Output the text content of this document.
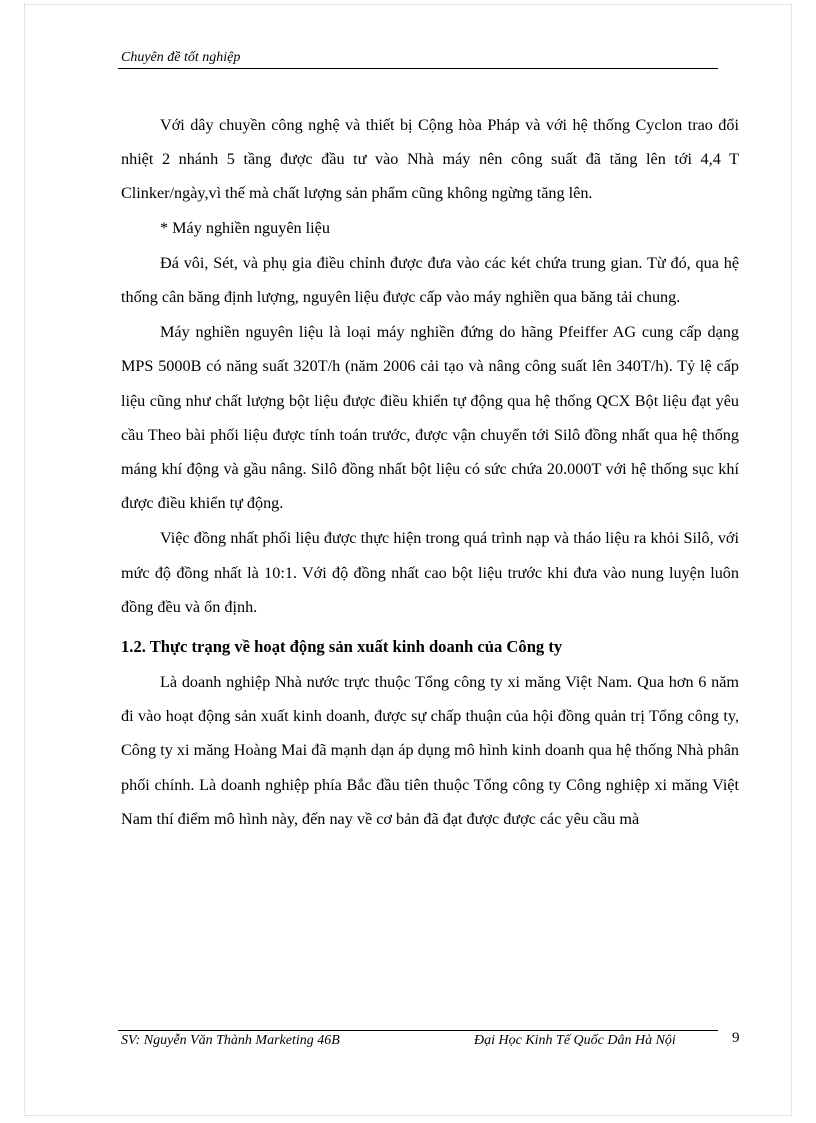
Chuyên đề tốt nghiệp

Với dây chuyền công nghệ và thiết bị Cộng hòa Pháp và với hệ thống Cyclon trao đổi nhiệt 2 nhánh 5 tầng được đầu tư vào Nhà máy nên công suất đã tăng lên tới 4,4 T Clinker/ngày,vì thế mà chất lượng sản phẩm cũng không ngừng tăng lên.

* Máy nghiền nguyên liệu

Đá vôi, Sét, và phụ gia điều chỉnh được đưa vào các két chứa trung gian. Từ đó, qua hệ thống cân băng định lượng, nguyên liệu được cấp vào máy nghiền qua băng tải chung.

Máy nghiền nguyên liệu là loại máy nghiền đứng do hãng Pfeiffer AG cung cấp dạng MPS 5000B có năng suất 320T/h (năm 2006 cải tạo và nâng công suất lên 340T/h). Tỷ lệ cấp liệu cũng như chất lượng bột liệu được điều khiển tự động qua hệ thống QCX Bột liệu đạt yêu cầu Theo bài phối liệu được tính toán trước, được vận chuyển tới Silô đồng nhất qua hệ thống máng khí động và gầu nâng. Silô đồng nhất bột liệu có sức chứa 20.000T với hệ thống sục khí được điều khiển tự động.

Việc đồng nhất phối liệu được thực hiện trong quá trình nạp và tháo liệu ra khỏi Silô, với mức độ đồng nhất là 10:1. Với độ đồng nhất cao bột liệu trước khi đưa vào nung luyện luôn đồng đều và ổn định.

1.2. Thực trạng về hoạt động sản xuất kinh doanh của Công ty

Là doanh nghiệp Nhà nước trực thuộc Tổng công ty xi măng Việt Nam. Qua hơn 6 năm đi vào hoạt động sản xuất kinh doanh, được sự chấp thuận của hội đồng quản trị Tổng công ty, Công ty xi măng Hoàng Mai đã mạnh dạn áp dụng mô hình kinh doanh qua hệ thống Nhà phân phối chính. Là doanh nghiệp phía Bắc đầu tiên thuộc Tổng công ty Công nghiệp xi măng Việt Nam thí điểm mô hình này, đến nay về cơ bản đã đạt được được các yêu cầu mà

SV: Nguyễn Văn Thành Marketing 46B	Đại Học Kinh Tế Quốc Dân Hà Nội	9
